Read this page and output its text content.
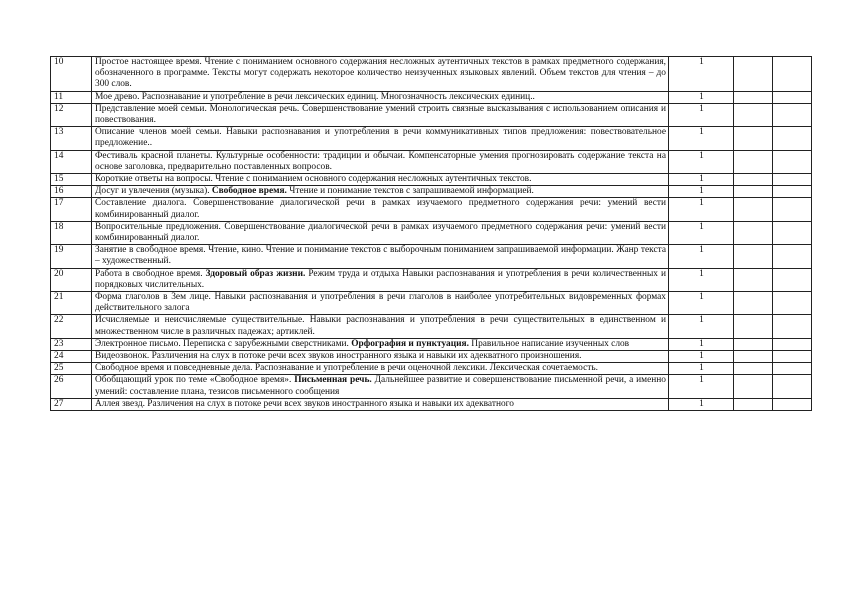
10	Простое настоящее время. Чтение с пониманием основного содержания несложных аутентичных текстов в рамках предметного содержания, обозначенного в программе. Тексты могут содержать некоторое количество неизученных языковых явлений. Объем текстов для чтения – до 300 слов.	1		
11	Мое древо. Распознавание и употребление в речи лексических единиц. Многозначность лексических единиц..	1		
12	Представление моей семьи. Монологическая речь. Совершенствование умений строить связные высказывания с использованием описания и повествования.	1		
13	Описание членов моей семьи. Навыки распознавания и употребления в речи коммуникативных типов предложения: повествовательное предложение..	1		
14	Фестиваль красной планеты. Культурные особенности: традиции и обычаи. Компенсаторные умения прогнозировать содержание текста на основе заголовка, предварительно поставленных вопросов.	1		
15	Короткие ответы на вопросы. Чтение с пониманием основного содержания несложных аутентичных текстов.	1		
16	Досуг и увлечения (музыка). Свободное время. Чтение и понимание текстов с запрашиваемой информацией.	1		
17	Составление диалога. Совершенствование диалогической речи в рамках изучаемого предметного содержания речи: умений вести комбинированный диалог.	1		
18	Вопросительные предложения. Совершенствование диалогической речи в рамках изучаемого предметного содержания речи: умений вести комбинированный диалог.	1		
19	Занятие в свободное время. Чтение, кино. Чтение и понимание текстов с выборочным пониманием запрашиваемой информации. Жанр текста – художественный.	1		
20	Работа в свободное время. Здоровый образ жизни. Режим труда и отдыха Навыки распознавания и употребления в речи количественных и порядковых числительных.	1		
21	Форма глаголов в 3ем лице. Навыки распознавания и употребления в речи глаголов в наиболее употребительных видовременных формах действительного залога	1		
22	Исчисляемые и неисчисляемые существительные. Навыки распознавания и употребления в речи существительных в единственном и множественном числе в различных падежах; артиклей.	1		
23	Электронное письмо. Переписка с зарубежными сверстниками. Орфография и пунктуация. Правильное написание изученных слов	1		
24	Видеозвонок. Различения на слух в потоке речи всех звуков иностранного языка и навыки их адекватного произношения.	1		
25	Свободное время и повседневные дела. Распознавание и употребление в речи оценочной лексики. Лексическая сочетаемость.	1		
26	Обобщающий урок по теме «Свободное время». Письменная речь. Дальнейшее развитие и совершенствование письменной речи, а именно умений: составление плана, тезисов письменного сообщения	1		
27	Аллея звезд. Различения на слух в потоке речи всех звуков иностранного языка и навыки их адекватного	1		
